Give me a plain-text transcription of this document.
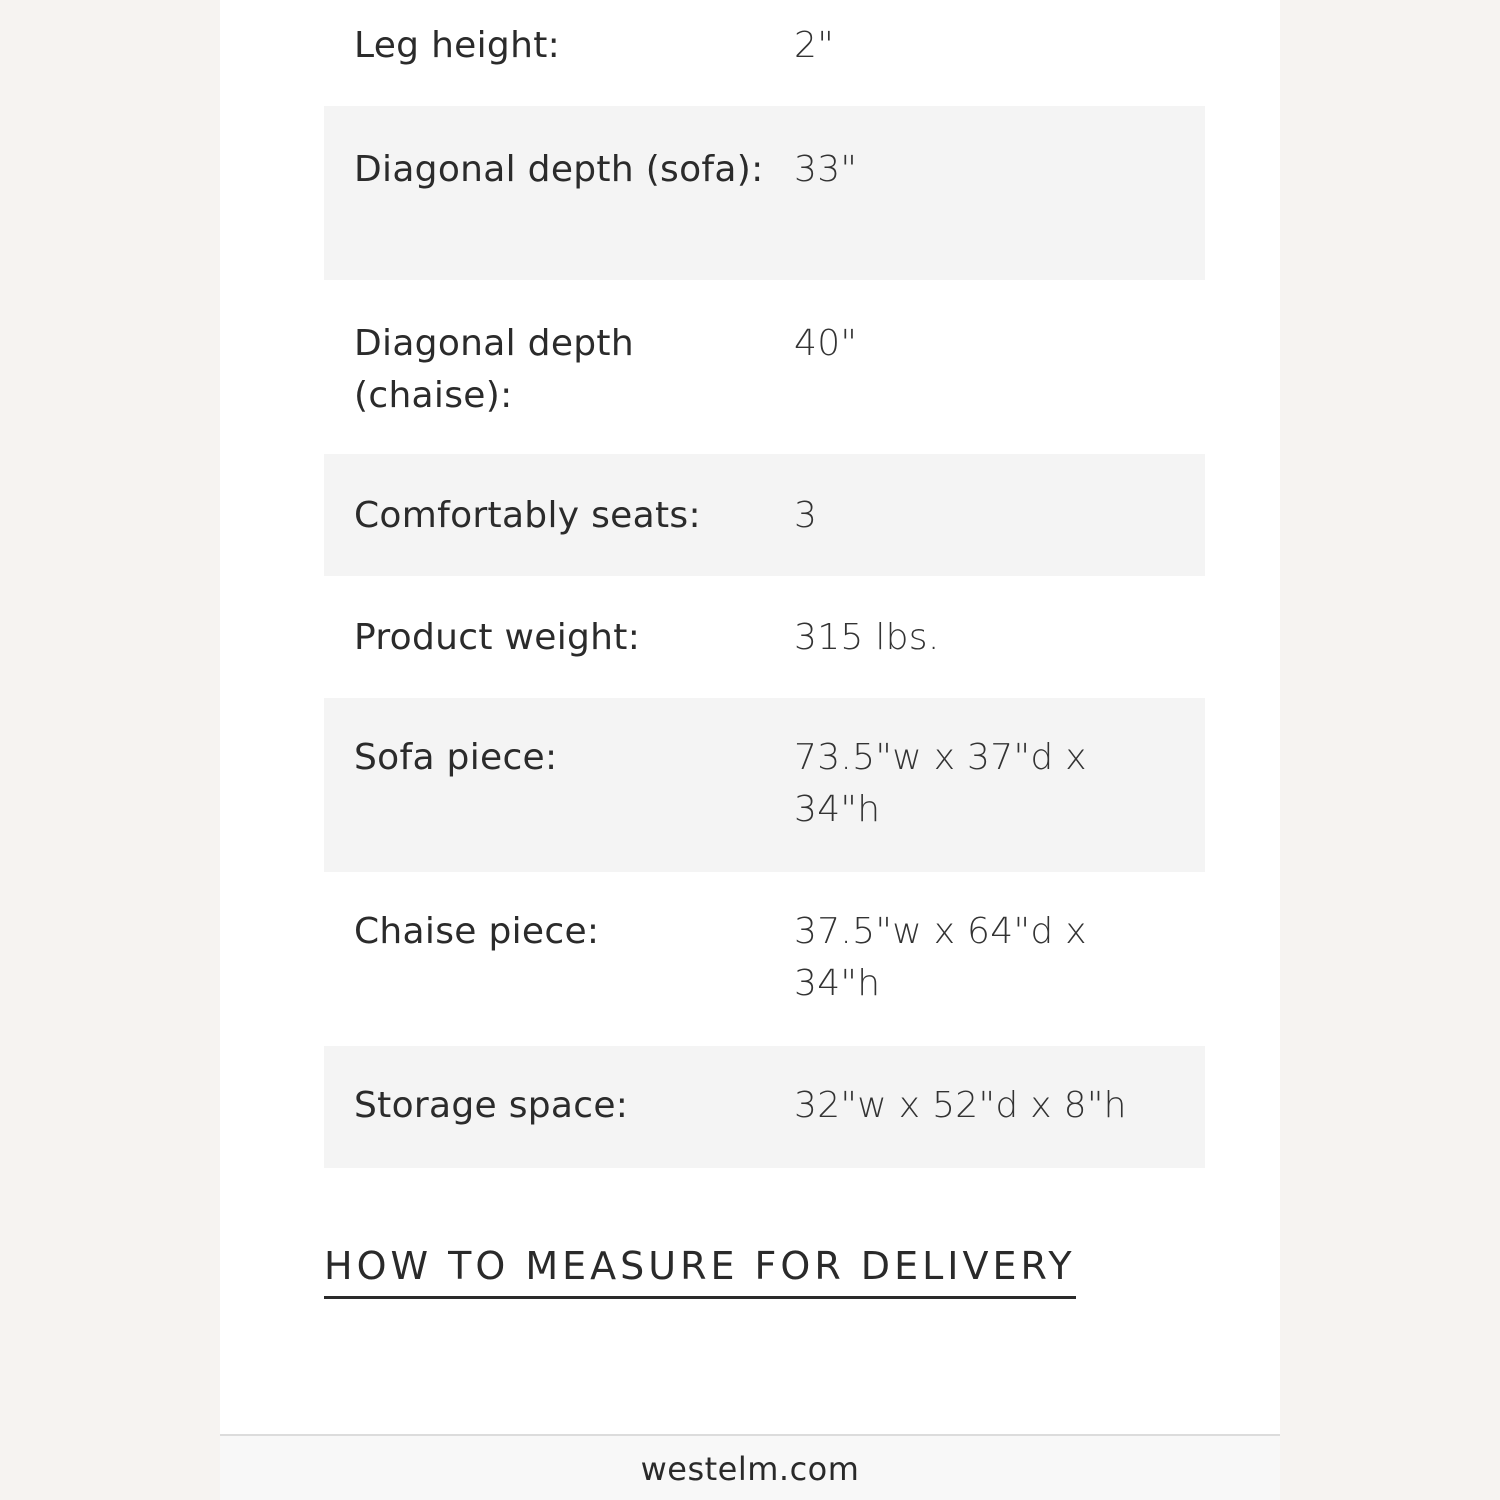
Leg height:	2"
Diagonal depth (sofa): 33"
Diagonal depth (chaise):
40"
Comfortably seats:	3
Product weight:	315 lbs.
Sofa piece:	73.5"w x 37"d x 34"h
Chaise piece:	37.5"w x 64"d x 34"h
Storage space:	32"w x 52"d x 8"h
HOW TO MEASURE FOR DELIVERY
westelm.com
